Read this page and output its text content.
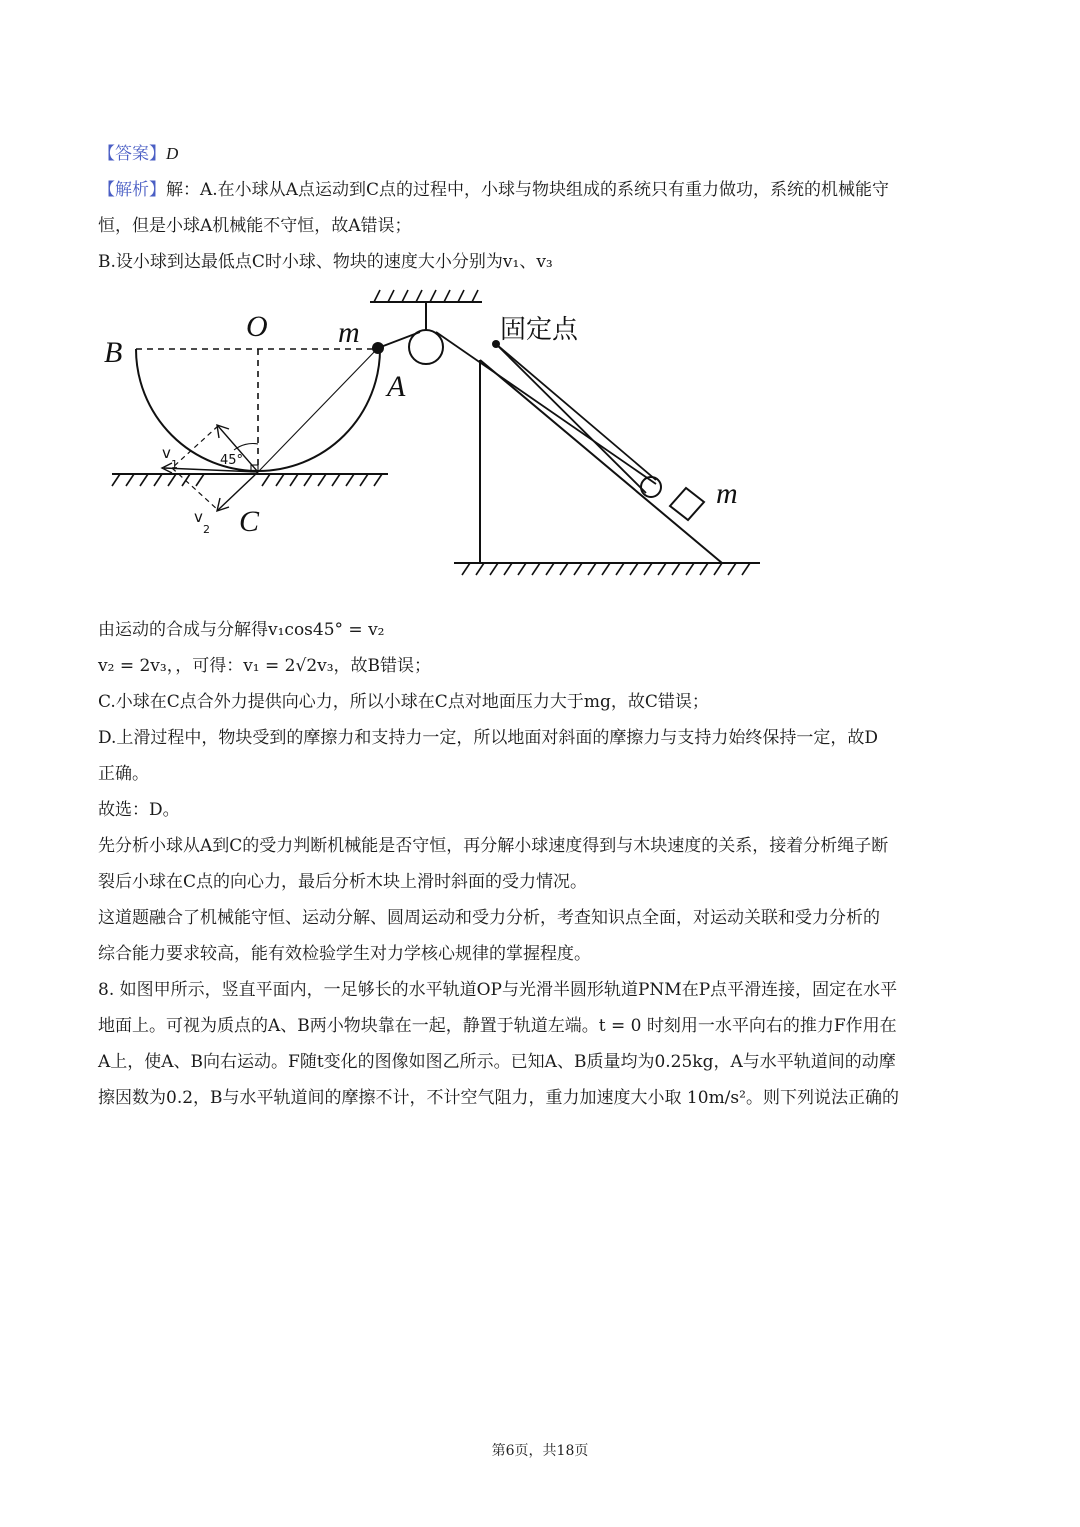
【答案】D

【解析】解：A.在小球从A点运动到C点的过程中，小球与物块组成的系统只有重力做功，系统的机械能守

恒，但是小球A机械能不守恒，故A错误；

B.设小球到达最低点C时小球、物块的速度大小分别为v₁、v₃

B
O m
A
C
m
固定点
45°
v
1
v
2

由运动的合成与分解得v₁cos45° = v₂

v₂ = 2v₃，，可得：v₁ = 2√2v₃，故B错误；

C.小球在C点合外力提供向心力，所以小球在C点对地面压力大于mg，故C错误；

D.上滑过程中，物块受到的摩擦力和支持力一定，所以地面对斜面的摩擦力与支持力始终保持一定，故D

正确。

故选：D。

先分析小球从A到C的受力判断机械能是否守恒，再分解小球速度得到与木块速度的关系，接着分析绳子断

裂后小球在C点的向心力，最后分析木块上滑时斜面的受力情况。

这道题融合了机械能守恒、运动分解、圆周运动和受力分析，考查知识点全面，对运动关联和受力分析的

综合能力要求较高，能有效检验学生对力学核心规律的掌握程度。

8. 如图甲所示，竖直平面内，一足够长的水平轨道OP与光滑半圆形轨道PNM在P点平滑连接，固定在水平

地面上。可视为质点的A、B两小物块靠在一起，静置于轨道左端。t = 0 时刻用一水平向右的推力F作用在

A上，使A、B向右运动。F随t变化的图像如图乙所示。已知A、B质量均为0.25kg，A与水平轨道间的动摩

擦因数为0.2，B与水平轨道间的摩擦不计，不计空气阻力，重力加速度大小取 10m/s²。则下列说法正确的

第6页，共18页
